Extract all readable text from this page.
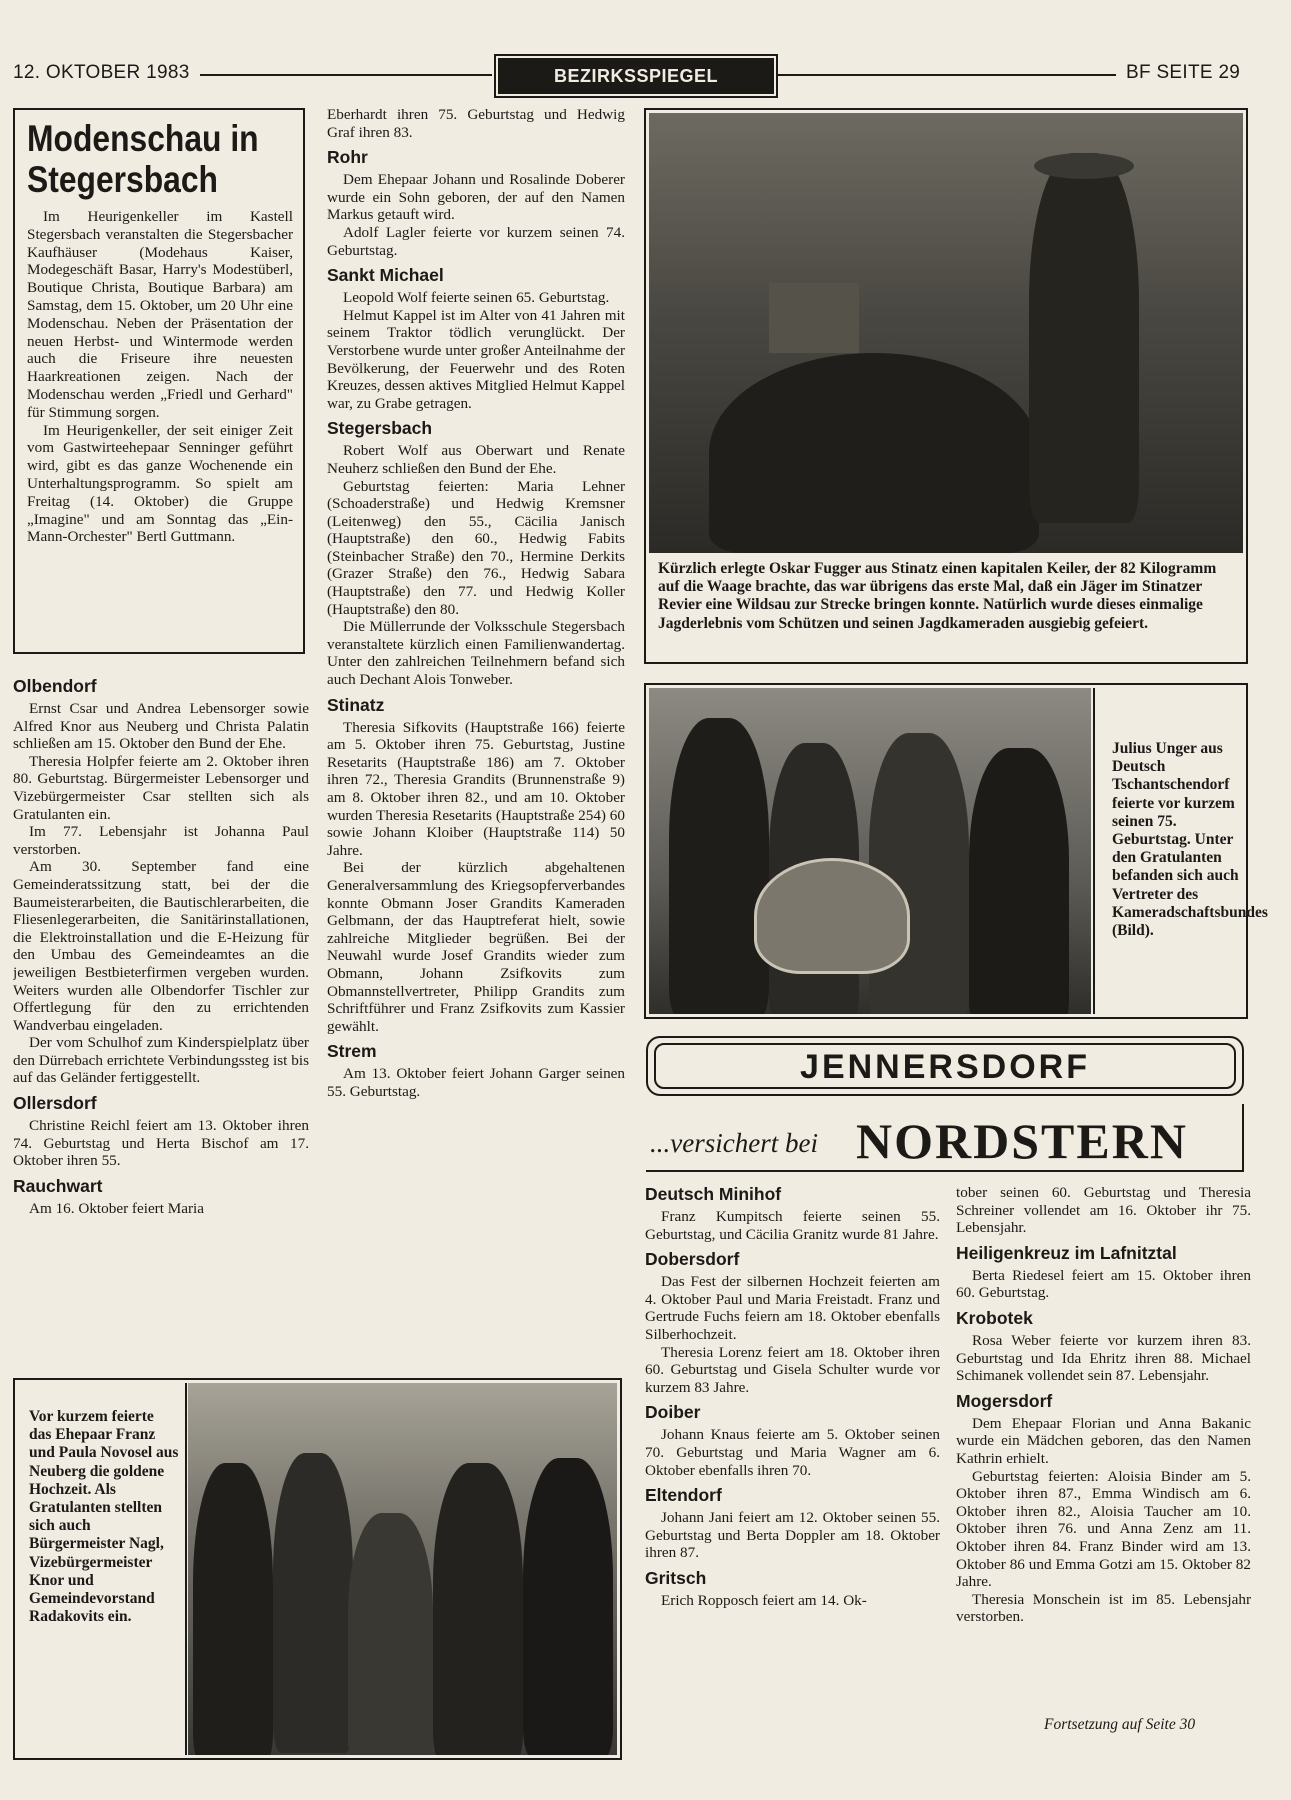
12. OKTOBER 1983	BEZIRKSSPIEGEL	BF SEITE 29
Modenschau in
Stegersbach

Im Heurigenkeller im Kastell Stegersbach veranstalten die Stegersbacher Kaufhäuser (Modehaus Kaiser, Modegeschäft Basar, Harry's Modestüberl, Boutique Christa, Boutique Barbara) am Samstag, dem 15. Oktober, um 20 Uhr eine Modenschau. Neben der Präsentation der neuen Herbst- und Wintermode werden auch die Friseure ihre neuesten Haarkreationen zeigen. Nach der Modenschau werden „Friedl und Gerhard" für Stimmung sorgen.

Im Heurigenkeller, der seit einiger Zeit vom Gastwirteehepaar Senninger geführt wird, gibt es das ganze Wochenende ein Unterhaltungsprogramm. So spielt am Freitag (14. Oktober) die Gruppe „Imagine" und am Sonntag das „Ein-Mann-Orchester" Bertl Guttmann.

Olbendorf

Ernst Csar und Andrea Lebensorger sowie Alfred Knor aus Neuberg und Christa Palatin schließen am 15. Oktober den Bund der Ehe.

Theresia Holpfer feierte am 2. Oktober ihren 80. Geburtstag. Bürgermeister Lebensorger und Vizebürgermeister Csar stellten sich als Gratulanten ein.

Im 77. Lebensjahr ist Johanna Paul verstorben.

Am 30. September fand eine Gemeinderatssitzung statt, bei der die Baumeisterarbeiten, die Bautischlerarbeiten, die Fliesenlegerarbeiten, die Sanitärinstallationen, die Elektroinstallation und die E-Heizung für den Umbau des Gemeindeamtes an die jeweiligen Bestbieterfirmen vergeben wurden. Weiters wurden alle Olbendorfer Tischler zur Offertlegung für den zu errichtenden Wandverbau eingeladen.

Der vom Schulhof zum Kinderspielplatz über den Dürrebach errichtete Verbindungssteg ist bis auf das Geländer fertiggestellt.

Ollersdorf

Christine Reichl feiert am 13. Oktober ihren 74. Geburtstag und Herta Bischof am 17. Oktober ihren 55.

Rauchwart

Am 16. Oktober feiert Maria

Eberhardt ihren 75. Geburtstag und Hedwig Graf ihren 83.

Rohr

Dem Ehepaar Johann und Rosalinde Doberer wurde ein Sohn geboren, der auf den Namen Markus getauft wird.

Adolf Lagler feierte vor kurzem seinen 74. Geburtstag.

Sankt Michael

Leopold Wolf feierte seinen 65. Geburtstag.

Helmut Kappel ist im Alter von 41 Jahren mit seinem Traktor tödlich verunglückt. Der Verstorbene wurde unter großer Anteilnahme der Bevölkerung, der Feuerwehr und des Roten Kreuzes, dessen aktives Mitglied Helmut Kappel war, zu Grabe getragen.

Stegersbach

Robert Wolf aus Oberwart und Renate Neuherz schließen den Bund der Ehe.

Geburtstag feierten: Maria Lehner (Schoaderstraße) und Hedwig Kremsner (Leitenweg) den 55., Cäcilia Janisch (Hauptstraße) den 60., Hedwig Fabits (Steinbacher Straße) den 70., Hermine Derkits (Grazer Straße) den 76., Hedwig Sabara (Hauptstraße) den 77. und Hedwig Koller (Hauptstraße) den 80.

Die Müllerrunde der Volksschule Stegersbach veranstaltete kürzlich einen Familienwandertag. Unter den zahlreichen Teilnehmern befand sich auch Dechant Alois Tonweber.

Stinatz

Theresia Sifkovits (Hauptstraße 166) feierte am 5. Oktober ihren 75. Geburtstag, Justine Resetarits (Hauptstraße 186) am 7. Oktober ihren 72., Theresia Grandits (Brunnenstraße 9) am 8. Oktober ihren 82., und am 10. Oktober wurden Theresia Resetarits (Hauptstraße 254) 60 sowie Johann Kloiber (Hauptstraße 114) 50 Jahre.

Bei der kürzlich abgehaltenen Generalversammlung des Kriegsopferverbandes konnte Obmann Joser Grandits Kameraden Gelbmann, der das Hauptreferat hielt, sowie zahlreiche Mitglieder begrüßen. Bei der Neuwahl wurde Josef Grandits wieder zum Obmann, Johann Zsifkovits zum Obmannstellvertreter, Philipp Grandits zum Schriftführer und Franz Zsifkovits zum Kassier gewählt.

Strem

Am 13. Oktober feiert Johann Garger seinen 55. Geburtstag.

Kürzlich erlegte Oskar Fugger aus Stinatz einen kapitalen Keiler, der 82 Kilogramm auf die Waage brachte, das war übrigens das erste Mal, daß ein Jäger im Stinatzer Revier eine Wildsau zur Strecke bringen konnte. Natürlich wurde dieses einmalige Jagderlebnis vom Schützen und seinen Jagdkameraden ausgiebig gefeiert.
Julius Unger aus Deutsch Tschantschendorf feierte vor kurzem seinen 75. Geburtstag. Unter den Gratulanten befanden sich auch Vertreter des Kameradschaftsbundes (Bild).
JENNERSDORF
...versichert bei NORDSTERN
Deutsch Minihof

Franz Kumpitsch feierte seinen 55. Geburtstag, und Cäcilia Granitz wurde 81 Jahre.

Dobersdorf

Das Fest der silbernen Hochzeit feierten am 4. Oktober Paul und Maria Freistadt. Franz und Gertrude Fuchs feiern am 18. Oktober ebenfalls Silberhochzeit.

Theresia Lorenz feiert am 18. Oktober ihren 60. Geburtstag und Gisela Schulter wurde vor kurzem 83 Jahre.

Doiber

Johann Knaus feierte am 5. Oktober seinen 70. Geburtstag und Maria Wagner am 6. Oktober ebenfalls ihren 70.

Eltendorf

Johann Jani feiert am 12. Oktober seinen 55. Geburtstag und Berta Doppler am 18. Oktober ihren 87.

Gritsch

Erich Ropposch feiert am 14. Ok-

tober seinen 60. Geburtstag und Theresia Schreiner vollendet am 16. Oktober ihr 75. Lebensjahr.

Heiligenkreuz im Lafnitztal

Berta Riedesel feiert am 15. Oktober ihren 60. Geburtstag.

Krobotek

Rosa Weber feierte vor kurzem ihren 83. Geburtstag und Ida Ehritz ihren 88. Michael Schimanek vollendet sein 87. Lebensjahr.

Mogersdorf

Dem Ehepaar Florian und Anna Bakanic wurde ein Mädchen geboren, das den Namen Kathrin erhielt.

Geburtstag feierten: Aloisia Binder am 5. Oktober ihren 87., Emma Windisch am 6. Oktober ihren 82., Aloisia Taucher am 10. Oktober ihren 76. und Anna Zenz am 11. Oktober ihren 84. Franz Binder wird am 13. Oktober 86 und Emma Gotzi am 15. Oktober 82 Jahre.

Theresia Monschein ist im 85. Lebensjahr verstorben.

Fortsetzung auf Seite 30
Vor kurzem feierte das Ehepaar Franz und Paula Novosel aus Neuberg die goldene Hochzeit. Als Gratulanten stellten sich auch Bürgermeister Nagl, Vizebürgermeister Knor und Gemeindevorstand Radakovits ein.
